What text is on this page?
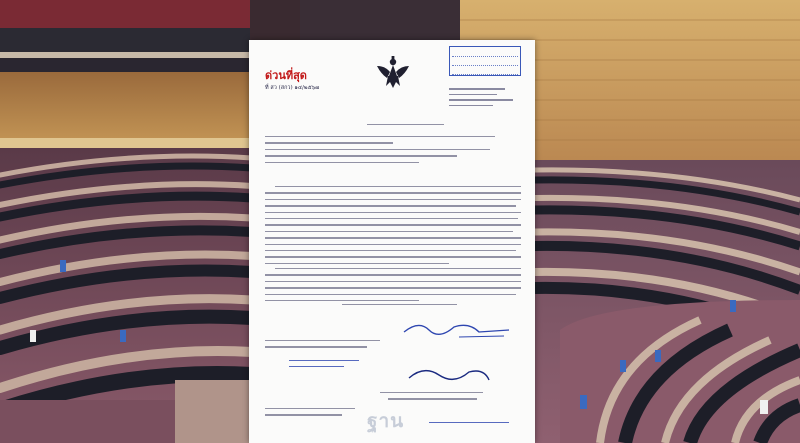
ด่วนที่สุด
ที่ สว (สกว) ๑๔/๒๕๖๗
ฐาน
